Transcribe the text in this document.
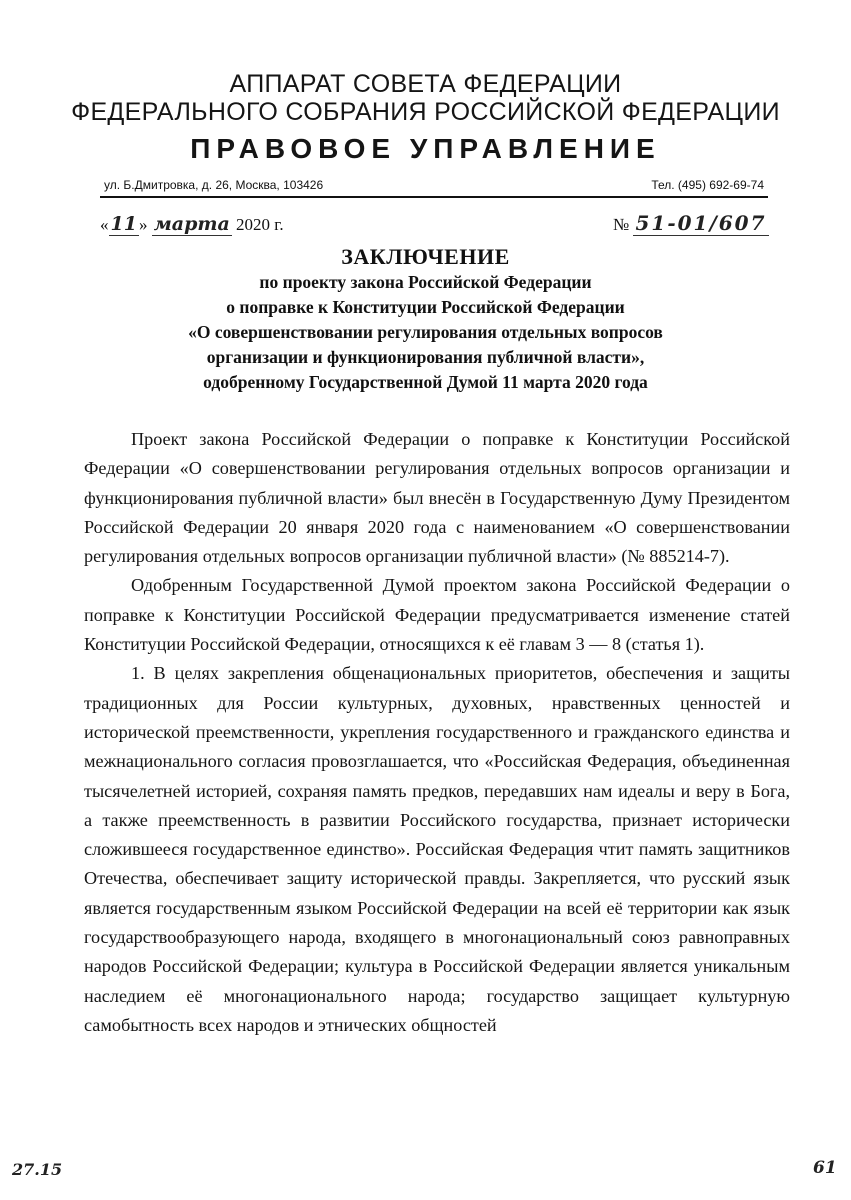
АППАРАТ СОВЕТА ФЕДЕРАЦИИ
ФЕДЕРАЛЬНОГО СОБРАНИЯ РОССИЙСКОЙ ФЕДЕРАЦИИ
ПРАВОВОЕ УПРАВЛЕНИЕ
ул. Б.Дмитровка, д. 26, Москва, 103426	Тел. (495) 692-69-74
« 11 » марта 2020 г.	№ 51-01/607
ЗАКЛЮЧЕНИЕ
по проекту закона Российской Федерации
о поправке к Конституции Российской Федерации
«О совершенствовании регулирования отдельных вопросов
организации и функционирования публичной власти»,
одобренному Государственной Думой 11 марта 2020 года

Проект закона Российской Федерации о поправке к Конституции Российской Федерации «О совершенствовании регулирования отдельных вопросов организации и функционирования публичной власти» был внесён в Государственную Думу Президентом Российской Федерации 20 января 2020 года с наименованием «О совершенствовании регулирования отдельных вопросов организации публичной власти» (№ 885214-7).

Одобренным Государственной Думой проектом закона Российской Федерации о поправке к Конституции Российской Федерации предусматривается изменение статей Конституции Российской Федерации, относящихся к её главам 3 — 8 (статья 1).

1. В целях закрепления общенациональных приоритетов, обеспечения и защиты традиционных для России культурных, духовных, нравственных ценностей и исторической преемственности, укрепления государственного и гражданского единства и межнационального согласия провозглашается, что «Российская Федерация, объединенная тысячелетней историей, сохраняя память предков, передавших нам идеалы и веру в Бога, а также преемственность в развитии Российского государства, признает исторически сложившееся государственное единство». Российская Федерация чтит память защитников Отечества, обеспечивает защиту исторической правды. Закрепляется, что русский язык является государственным языком Российской Федерации на всей её территории как язык государствообразующего народа, входящего в многонациональный союз равноправных народов Российской Федерации; культура в Российской Федерации является уникальным наследием её многонационального народа; государство защищает культурную самобытность всех народов и этнических общностей

27.15	61
